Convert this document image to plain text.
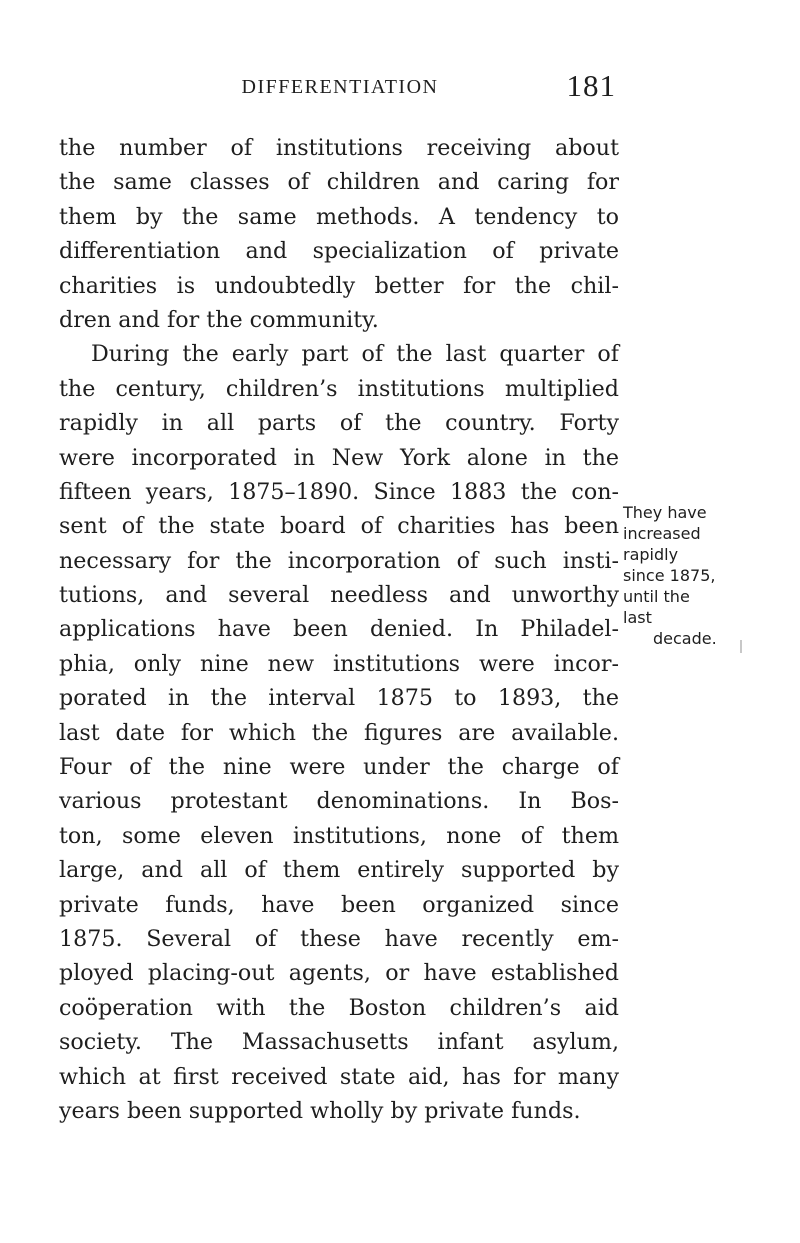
DIFFERENTIATION	181
the number of institutions receiving about
the same classes of children and caring for
them by the same methods. A tendency to
differentiation and specialization of private
charities is undoubtedly better for the chil-
dren and for the community.
During the early part of the last quarter of
the century, children’s institutions multiplied
rapidly in all parts of the country. Forty
were incorporated in New York alone in the
fifteen years, 1875–1890. Since 1883 the con-
sent of the state board of charities has been
necessary for the incorporation of such insti-
tutions, and several needless and unworthy
applications have been denied. In Philadel-
phia, only nine new institutions were incor-
porated in the interval 1875 to 1893, the
last date for which the figures are available.
Four of the nine were under the charge of
various protestant denominations. In Bos-
ton, some eleven institutions, none of them
large, and all of them entirely supported by
private funds, have been organized since
1875. Several of these have recently em-
ployed placing-out agents, or have established
coöperation with the Boston children’s aid
society. The Massachusetts infant asylum,
which at first received state aid, has for many
years been supported wholly by private funds.
They have
increased
rapidly
since 1875,
until the
last
decade.
